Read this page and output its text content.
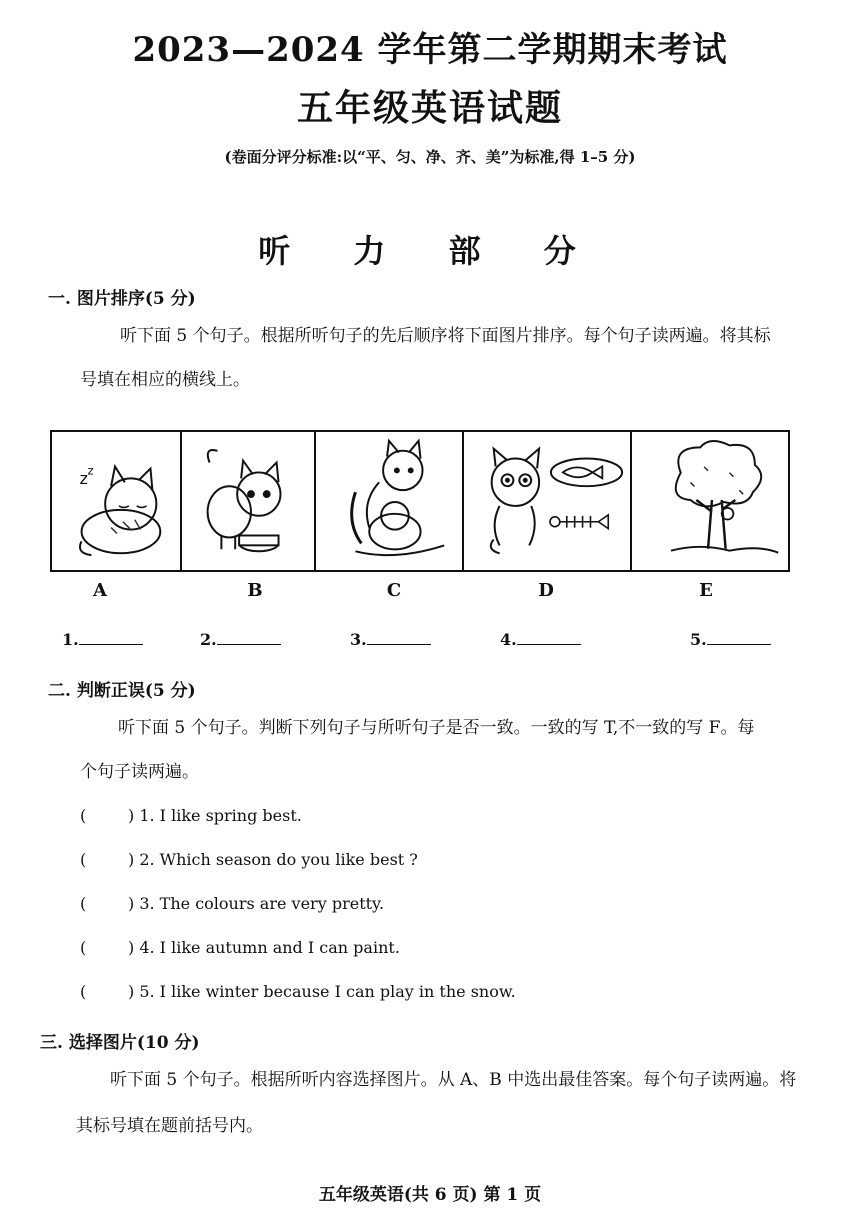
2023—2024 学年第二学期期末考试
五年级英语试题
(卷面分评分标准:以“平、匀、净、齐、美”为标准,得 1–5 分)
听 力 部 分
一. 图片排序(5 分)
听下面 5 个句子。根据所听句子的先后顺序将下面图片排序。每个句子读两遍。将其标
号填在相应的横线上。
z z
A	B	C	D	E
1.	2.	3.	4.	5.
二. 判断正误(5 分)
听下面 5 个句子。判断下列句子与所听句子是否一致。一致的写 T,不一致的写 F。每
个句子读两遍。
(	) 1. I like spring best.
(	) 2. Which season do you like best ?
(	) 3. The colours are very pretty.
(	) 4. I like autumn and I can paint.
(	) 5. I like winter because I can play in the snow.
三. 选择图片(10 分)
听下面 5 个句子。根据所听内容选择图片。从 A、B 中选出最佳答案。每个句子读两遍。将
其标号填在题前括号内。
五年级英语(共 6 页) 第 1 页
